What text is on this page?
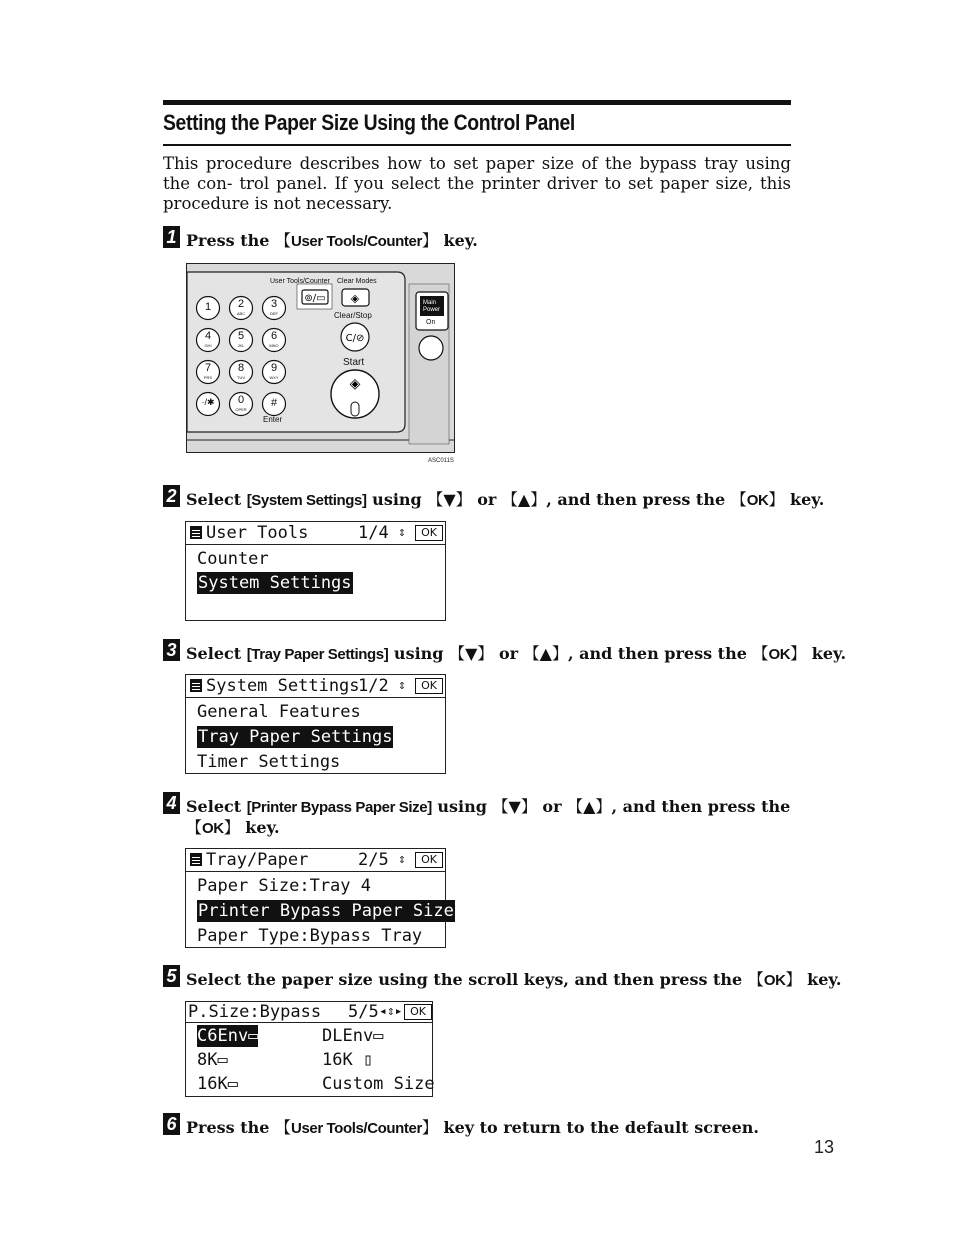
Setting the Paper Size Using the Control Panel
This procedure describes how to set paper size of the bypass tray using the con- trol panel. If you select the printer driver to set paper size, this procedure is not necessary.
1 Press the 【User Tools/Counter】 key.
⊚/▭ ◈
C/⊘
◈
User Tools/Counter Clear Modes
Clear/Stop
Start
Enter
Main
Power
On
1	2
ABC
3
DEF
4
GHI
5
JKL
6
MNO
7
PRS
8
TUV
9
WXY
·/✱	0
OPER
#
ASC011S
2 Select [System Settings] using 【▼】 or 【▲】, and then press the 【OK】 key.
User Tools	1/4 ⇕	OK
Counter
System Settings
3 Select [Tray Paper Settings] using 【▼】 or 【▲】, and then press the 【OK】 key.
System Settings
1/2 ⇕	OK
General Features
Tray Paper Settings
Timer Settings
4 Select [Printer Bypass Paper Size] using 【▼】 or 【▲】, and then press the 【OK】 key.
Tray/Paper	2/5 ⇕	OK
Paper Size:Tray 4
Printer Bypass Paper Size
Paper Type:Bypass Tray
5 Select the paper size using the scroll keys, and then press the 【OK】 key.
P.Size:Bypass 5/5 ◂⇕▸ OK
C6Env▭	DLEnv▭
8K▭	16K ▯
16K▭	Custom Size
6 Press the 【User Tools/Counter】 key to return to the default screen.
13
